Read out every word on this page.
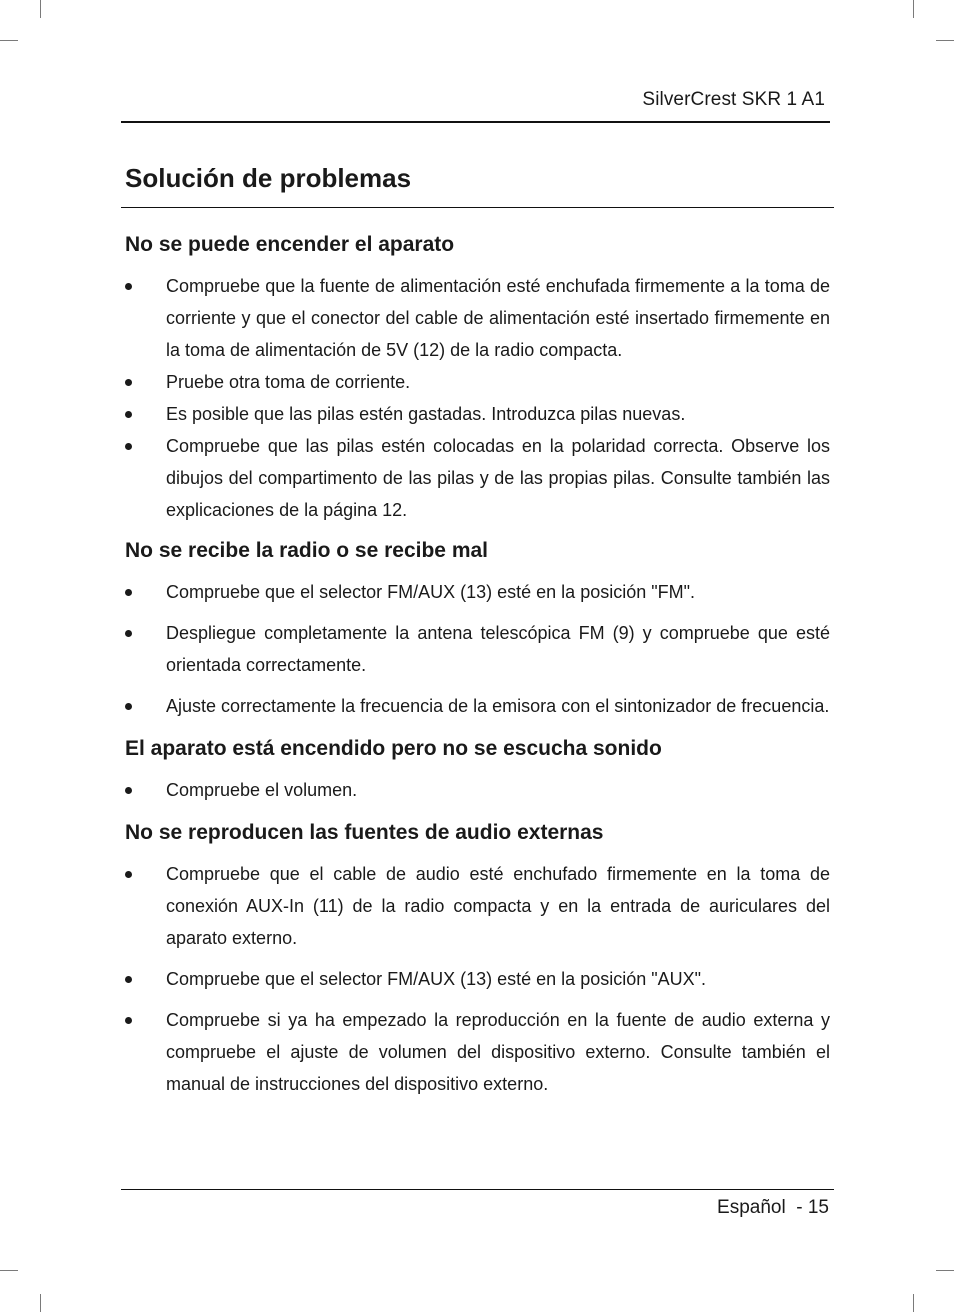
SilverCrest SKR 1 A1
Solución de problemas
No se puede encender el aparato
Compruebe que la fuente de alimentación esté enchufada firmemente a la toma de corriente y que el conector del cable de alimentación esté insertado firmemente en la toma de alimentación de 5V (12) de la radio compacta.
Pruebe otra toma de corriente.
Es posible que las pilas estén gastadas. Introduzca pilas nuevas.
Compruebe que las pilas estén colocadas en la polaridad correcta. Observe los dibujos del compartimento de las pilas y de las propias pilas. Consulte también las explicaciones de la página 12.
No se recibe la radio o se recibe mal
Compruebe que el selector FM/AUX (13) esté en la posición "FM".
Despliegue completamente la antena telescópica FM (9) y compruebe que esté orientada correctamente.
Ajuste correctamente la frecuencia de la emisora con el sintonizador de frecuencia.
El aparato está encendido pero no se escucha sonido
Compruebe el volumen.
No se reproducen las fuentes de audio externas
Compruebe que el cable de audio esté enchufado firmemente en la toma de conexión AUX-In (11) de la radio compacta y en la entrada de auriculares del aparato externo.
Compruebe que el selector FM/AUX (13) esté en la posición "AUX".
Compruebe si ya ha empezado la reproducción en la fuente de audio externa y compruebe el ajuste de volumen del dispositivo externo. Consulte también el manual de instrucciones del dispositivo externo.
Español  - 15
